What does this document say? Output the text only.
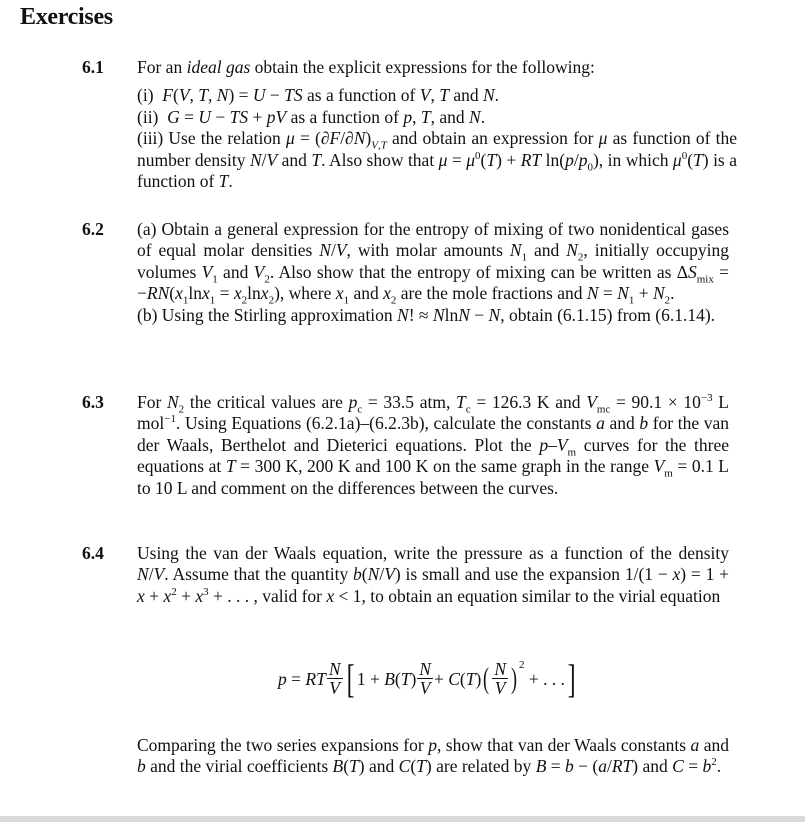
Exercises
6.1 For an ideal gas obtain the explicit expressions for the following:

(i)  F(V, T, N) = U − TS as a function of V, T and N.

(ii)  G = U − TS + pV as a function of p, T, and N.

(iii) Use the relation $\mu = (\partial F/\partial N)_{V,T}$ and obtain an expression for μ as function of the number density N/V and T. Also show that $\mu = \mu^0(T)$ + RT $\ln(p/p_0)$, in which $\mu^0(T)$ is a function of T.

6.2 (a) Obtain a general expression for the entropy of mixing of two nonidentical gases of equal molar densities N/V, with molar amounts $N_1$ and $N_2$, initially occupying volumes $V_1$ and $V_2$. Also show that the entropy of mixing can be written as $\Delta S_{mix} = -RN(x_1\ln x_1 = x_2\ln x_2)$, where $x_1$ and $x_2$ are the mole fractions and $N = N_1 + N_2$.

(b) Using the Stirling approximation N! ≈ NlnN − N, obtain (6.1.15) from (6.1.14).

6.3 For $N_2$ the critical values are $p_c = 33.5$ atm, $T_c = 126.3$ K and $V_{mc} = 90.1 \times 10^{-3}$ L mol$^{-1}$. Using Equations (6.2.1a)–(6.2.3b), calculate the constants a and b for the van der Waals, Berthelot and Dieterici equations. Plot the $p-V_m$ curves for the three equations at T = 300 K, 200 K and 100 K on the same graph in the range $V_m = 0.1$ L to 10 L and comment on the differences between the curves.

6.4 Using the van der Waals equation, write the pressure as a function of the density N/V. Assume that the quantity b(N/V) is small and use the expansion $1/(1 - x) = 1 + x + x^2 + x^3$ + . . . , valid for x < 1, to obtain an equation similar to the virial equation

p = RT $\frac{N}{V}$ [ $1 + B(T) \frac{N}{V} + C(T)$ ( $\frac{N}{V}$ ) 2
+ . . . ]

Comparing the two series expansions for p, show that van der Waals constants a and b and the virial coefficients B(T) and C(T) are related by B = b − (a/RT) and $C = b^2$.
